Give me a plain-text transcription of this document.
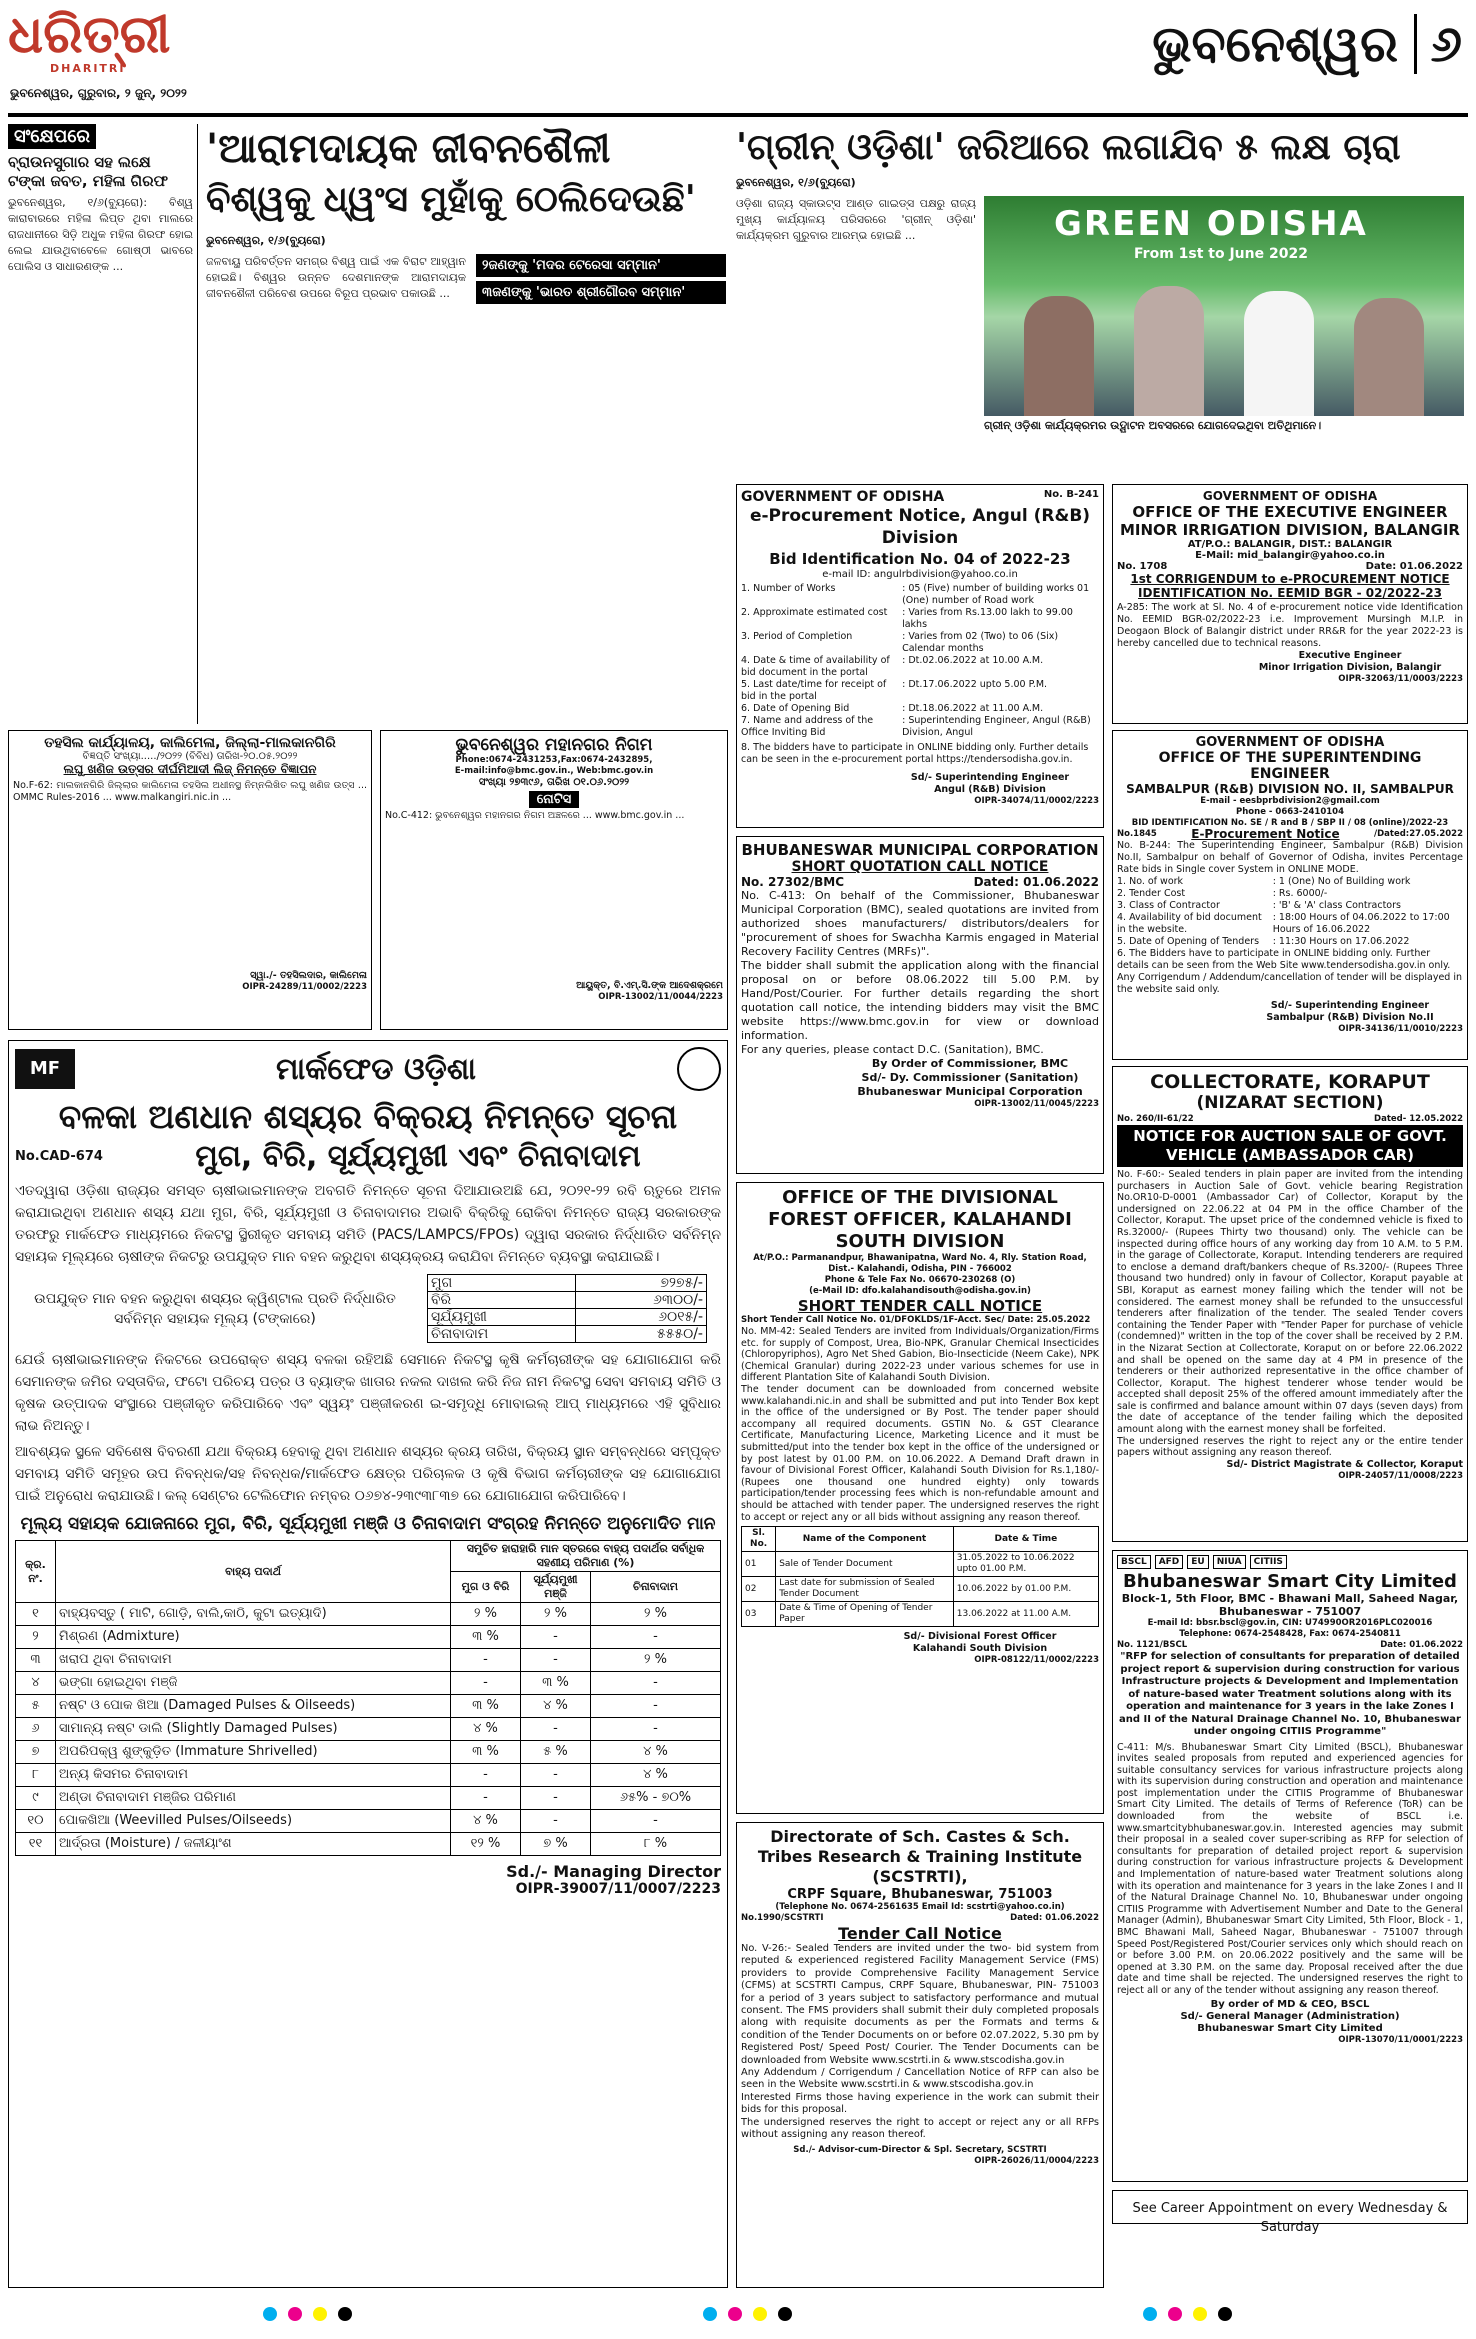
ଧରିତ୍ରୀ
DHARITRI
ଭୁବନେଶ୍ୱର, ଗୁରୁବାର, ୨ ଜୁନ୍, ୨୦୨୨
ଭୁବନେଶ୍ୱର ୬
ସଂକ୍ଷେପରେ
ବ୍ରାଉନସୁଗାର ସହ ଲକ୍ଷେ ଟଙ୍କା ଜବତ, ମହିଳା ଗିରଫ
ଭୁବନେଶ୍ୱର, ୧/୬(ବ୍ୟୁରୋ): ବିଶ୍ୱ କାରାବାରରେ ମହିଳା ଲିପ୍ତ ଥିବା ମାଲରେ ରାଜଧାନୀରେ ସିଡ଼ି ଅଧୁକ ମହିଳା ଗିରଫ ହୋଇ ଲେଇ ଯାଉଥିବାବେଳେ ଗୋଷ୍ଠୀ ଭାବରେ ପୋଲିସ ଓ ସାଧାରଣଙ୍କ ...
'ଆରାମଦାୟକ ଜୀବନଶୈଳୀ
ବିଶ୍ୱକୁ ଧ୍ୱଂସ ମୁହାଁକୁ ଠେଲିଦେଉଛି'
ଭୁବନେଶ୍ୱର, ୧/୬(ବ୍ୟୁରୋ)
ଜଳବାୟୁ ପରିବର୍ତ୍ତନ ସମଗ୍ର ବିଶ୍ୱ ପାଇଁ ଏକ ବିରାଟ ଆହ୍ୱାନ ହୋଇଛି। ବିଶ୍ୱର ଉନ୍ନତ ଦେଶମାନଙ୍କ ଆରାମଦାୟକ ଜୀବନଶୈଳୀ ପରିବେଶ ଉପରେ ବିରୂପ ପ୍ରଭାବ ପକାଉଛି ...
୨ଜଣଙ୍କୁ 'ମଦର ଟେରେସା ସମ୍ମାନ'
୩ଜଣଙ୍କୁ 'ଭାରତ ଶ୍ରୀଗୌରବ ସମ୍ମାନ'
'ଗ୍ରୀନ୍ ଓଡ଼ିଶା' ଜରିଆରେ ଲଗାଯିବ ୫ ଲକ୍ଷ ଚାରା
ଭୁବନେଶ୍ୱର, ୧/୬(ବ୍ୟୁରୋ)
ଓଡ଼ିଶା ରାଜ୍ୟ ସ୍କାଉଟ୍ସ ଆଣ୍ଡ ଗାଇଡ୍ସ ପକ୍ଷରୁ ରାଜ୍ୟ ମୁଖ୍ୟ କାର୍ଯ୍ୟାଳୟ ପରିସରରେ 'ଗ୍ରୀନ୍ ଓଡ଼ିଶା' କାର୍ଯ୍ୟକ୍ରମ ଗୁରୁବାର ଆରମ୍ଭ ହୋଇଛି ...	GREEN ODISHA
From 1st to June 2022
ଗ୍ରୀନ୍ ଓଡ଼ିଶା କାର୍ଯ୍ୟକ୍ରମର ଉଦ୍ଘାଟନ ଅବସରରେ ଯୋଗଦେଇଥିବା ଅତିଥିମାନେ।
GOVERNMENT OF ODISHA	No. B-241
e-Procurement Notice, Angul (R&B) Division
Bid Identification No. 04 of 2022-23
e-mail ID: angulrbdivision@yahoo.co.in
1. Number of Works	: 05 (Five) number of building works 01 (One) number of Road work
2. Approximate estimated cost	: Varies from Rs.13.00 lakh to 99.00 lakhs
3. Period of Completion	: Varies from 02 (Two) to 06 (Six) Calendar months
4. Date & time of availability of bid document in the portal
: Dt.02.06.2022 at 10.00 A.M.
5. Last date/time for receipt of bid in the portal
: Dt.17.06.2022 upto 5.00 P.M.
6. Date of Opening Bid	: Dt.18.06.2022 at 11.00 A.M.
7. Name and address of the Office Inviting Bid
: Superintending Engineer, Angul (R&B) Division, Angul
8. The bidders have to participate in ONLINE bidding only. Further details can be seen in the e-procurement portal https://tendersodisha.gov.in.
Sd/- Superintending Engineer
Angul (R&B) Division
OIPR-34074/11/0002/2223
GOVERNMENT OF ODISHA
OFFICE OF THE EXECUTIVE ENGINEER
MINOR IRRIGATION DIVISION, BALANGIR
AT/P.O.: BALANGIR, DIST.: BALANGIR
E-Mail: mid_balangir@yahoo.co.in
No. 1708	Date: 01.06.2022
1st CORRIGENDUM to e-PROCUREMENT NOTICE
IDENTIFICATION No. EEMID BGR - 02/2022-23
A-285: The work at Sl. No. 4 of e-procurement notice vide Identification No. EEMID BGR-02/2022-23 i.e. Improvement Mursingh M.I.P. in Deogaon Block of Balangir district under RR&R for the year 2022-23 is hereby cancelled due to technical reasons.
Executive Engineer
Minor Irrigation Division, Balangir
OIPR-32063/11/0003/2223
ତହସିଲ କାର୍ଯ୍ୟାଳୟ, କାଲିମେଳା, ଜିଲ୍ଲା-ମାଲକାନଗିରି
ବିଜ୍ଞପ୍ତି ସଂଖ୍ୟା...../୨୦୨୨ (ବିବିଧ) ତାରିଖ-୨୦.୦୫.୨୦୨୨
ଲଘୁ ଖଣିଜ ଉତ୍ସର ଦୀର୍ଘମିଆଦୀ ଲିଜ୍ ନିମନ୍ତେ ବିଜ୍ଞାପନ
No.F-62: ମାଲକାନଗିରି ଜିଲ୍ଲାର କାଲିମେଳା ତହସିଲ ଅଧୀନସ୍ଥ ନିମ୍ନଲିଖିତ ଲଘୁ ଖଣିଜ ଉତ୍ସ ... OMMC Rules-2016 ... www.malkangiri.nic.in ...
ସ୍ୱା./- ତହସିଲଦାର, କାଲିମେଳା
OIPR-24289/11/0002/2223
ଭୁବନେଶ୍ୱର ମହାନଗର ନିଗମ
Phone:0674-2431253,Fax:0674-2432895,
E-mail:info@bmc.gov.in., Web:bmc.gov.in
ସଂଖ୍ୟା ୨୭୩୯୬, ତାରିଖ ୦୧.୦୬.୨୦୨୨
ନୋଟିସ
No.C-412: ଭୁବନେଶ୍ୱର ମହାନଗର ନିଗମ ଅଞ୍ଚଳରେ ... www.bmc.gov.in ...
ଆୟୁକ୍ତ, ବି.ଏମ୍.ସି.ଙ୍କ ଆଦେଶକ୍ରମେ
OIPR-13002/11/0044/2223
GOVERNMENT OF ODISHA
OFFICE OF THE SUPERINTENDING ENGINEER
SAMBALPUR (R&B) DIVISION NO. II, SAMBALPUR
E-mail - eesbprbdivision2@gmail.com
Phone - 0663-2410104
BID IDENTIFICATION No. SE / R and B / SBP II / 08 (online)/2022-23
No.1845	E-Procurement Notice	/Dated:27.05.2022
No. B-244: The Superintending Engineer, Sambalpur (R&B) Division No.II, Sambalpur on behalf of Governor of Odisha, invites Percentage Rate bids in Single cover System in ONLINE MODE.
1. No. of work	: 1 (One) No of Building work
2. Tender Cost	: Rs. 6000/-
3. Class of Contractor	: 'B' & 'A' class Contractors
4. Availability of bid document in the website.
: 18:00 Hours of 04.06.2022 to 17:00 Hours of 16.06.2022
5. Date of Opening of Tenders	: 11:30 Hours on 17.06.2022
6. The Bidders have to participate in ONLINE bidding only. Further details can be seen from the Web Site www.tendersodisha.gov.in only. Any Corrigendum / Addendum/cancellation of tender will be displayed in the website said only.
Sd/- Superintending Engineer
Sambalpur (R&B) Division No.II
OIPR-34136/11/0010/2223
BHUBANESWAR MUNICIPAL CORPORATION
SHORT QUOTATION CALL NOTICE
No. 27302/BMC	Dated: 01.06.2022
No. C-413: On behalf of the Commissioner, Bhubaneswar Municipal Corporation (BMC), sealed quotations are invited from authorized shoes manufacturers/ distributors/dealers for "procurement of shoes for Swachha Karmis engaged in Material Recovery Facility Centres (MRFs)".
The bidder shall submit the application along with the financial proposal on or before 08.06.2022 till 5.00 P.M. by Hand/Post/Courier. For further details regarding the short quotation call notice, the intending bidders may visit the BMC website https://www.bmc.gov.in for view or download information.
For any queries, please contact D.C. (Sanitation), BMC.
By Order of Commissioner, BMC
Sd/- Dy. Commissioner (Sanitation)
Bhubaneswar Municipal Corporation
OIPR-13002/11/0045/2223
COLLECTORATE, KORAPUT
(NIZARAT SECTION)
No. 260/II-61/22	Dated- 12.05.2022
NOTICE FOR AUCTION SALE OF GOVT. VEHICLE (AMBASSADOR CAR)
No. F-60:- Sealed tenders in plain paper are invited from the intending purchasers in Auction Sale of Govt. vehicle bearing Registration No.OR10-D-0001 (Ambassador Car) of Collector, Koraput by the undersigned on 22.06.22 at 04 PM in the office Chamber of the Collector, Koraput. The upset price of the condemned vehicle is fixed to Rs.32000/- (Rupees Thirty two thousand) only. The vehicle can be inspected during office hours of any working day from 10 A.M. to 5 P.M. in the garage of Collectorate, Koraput. Intending tenderers are required to enclose a demand draft/bankers cheque of Rs.3200/- (Rupees Three thousand two hundred) only in favour of Collector, Koraput payable at SBI, Koraput as earnest money failing which the tender will not be considered. The earnest money shall be refunded to the unsuccessful tenderers after finalization of the tender. The sealed Tender covers containing the Tender Paper with "Tender Paper for purchase of vehicle (condemned)" written in the top of the cover shall be received by 2 P.M. in the Nizarat Section at Collectorate, Koraput on or before 22.06.2022 and shall be opened on the same day at 4 PM in presence of the tenderers or their authorized representative in the office chamber of Collector, Koraput. The highest tenderer whose tender would be accepted shall deposit 25% of the offered amount immediately after the sale is confirmed and balance amount within 07 days (seven days) from the date of acceptance of the tender failing which the deposited amount along with the earnest money shall be forfeited.
The undersigned reserves the right to reject any or the entire tender papers without assigning any reason thereof.
Sd/- District Magistrate & Collector, Koraput
OIPR-24057/11/0008/2223
MF	ମାର୍କଫେଡ ଓଡ଼ିଶା
ବଳକା ଅଣଧାନ ଶସ୍ୟର ବିକ୍ରୟ ନିମନ୍ତେ ସୂଚନା
No.CAD-674	ମୁଗ, ବିରି, ସୂର୍ଯ୍ୟମୁଖୀ ଏବଂ ଚିନାବାଦାମ
ଏତଦ୍ୱାରା ଓଡ଼ିଶା ରାଜ୍ୟର ସମସ୍ତ ଚାଷୀଭାଇମାନଙ୍କ ଅବଗତି ନିମନ୍ତେ ସୂଚନା ଦିଆଯାଉଅଛି ଯେ, ୨୦୨୧-୨୨ ରବି ଋତୁରେ ଅମଳ କରାଯାଇଥିବା ଅଣଧାନ ଶସ୍ୟ ଯଥା ମୁଗ, ବିରି, ସୂର୍ଯ୍ୟମୁଖୀ ଓ ଚିନାବାଦାମର ଅଭାବି ବିକ୍ରିକୁ ରୋକିବା ନିମନ୍ତେ ରାଜ୍ୟ ସରକାରଙ୍କ ତରଫରୁ ମାର୍କଫେଡ ମାଧ୍ୟମରେ ନିକଟସ୍ଥ ସ୍ଥିରୀକୃତ ସମବାୟ ସମିତି (PACS/LAMPCS/FPOs) ଦ୍ୱାରା ସରକାର ନିର୍ଦ୍ଧାରିତ ସର୍ବନିମ୍ନ ସହାୟକ ମୂଲ୍ୟରେ ଚାଷୀଙ୍କ ନିକଟରୁ ଉପଯୁକ୍ତ ମାନ ବହନ କରୁଥିବା ଶସ୍ୟକ୍ରୟ କରାଯିବା ନିମନ୍ତେ ବ୍ୟବସ୍ଥା କରାଯାଇଛି।
ଉପଯୁକ୍ତ ମାନ ବହନ କରୁଥିବା ଶସ୍ୟର କ୍ୱିଣ୍ଟାଲ ପ୍ରତି ନିର୍ଦ୍ଧାରିତ ସର୍ବନିମ୍ନ ସହାୟକ ମୂଲ୍ୟ (ଟଙ୍କାରେ)
ମୁଗ	୭୨୭୫/-
ବିରି	୬୩୦୦/-
ସୂର୍ଯ୍ୟମୁଖୀ	୬୦୧୫/-
ଚିନାବାଦାମ	୫୫୫୦/-
ଯେଉଁ ଚାଷୀଭାଇମାନଙ୍କ ନିକଟରେ ଉପରୋକ୍ତ ଶସ୍ୟ ବଳକା ରହିଅଛି ସେମାନେ ନିକଟସ୍ଥ କୃଷି କର୍ମଚାରୀଙ୍କ ସହ ଯୋଗାଯୋଗ କରି ସେମାନଙ୍କ ଜମିର ଦସ୍ତାବିଜ, ଫଟୋ ପରିଚୟ ପତ୍ର ଓ ବ୍ୟାଙ୍କ ଖାତାର ନକଲ ଦାଖଲ କରି ନିଜ ନାମ ନିକଟସ୍ଥ ସେବା ସମବାୟ ସମିତି ଓ କୃଷକ ଉତ୍ପାଦକ ସଂସ୍ଥାରେ ପଞ୍ଜୀକୃତ କରିପାରିବେ ଏବଂ ସ୍ୱୟଂ ପଞ୍ଜୀକରଣ ଇ-ସମୃଦ୍ଧି ମୋବାଇଲ୍ ଆପ୍ ମାଧ୍ୟମରେ ଏହି ସୁବିଧାର ଲାଭ ନିଅନ୍ତୁ।
ଆବଶ୍ୟକ ସ୍ଥଳେ ସବିଶେଷ ବିବରଣୀ ଯଥା ବିକ୍ରୟ ହେବାକୁ ଥିବା ଅଣଧାନ ଶସ୍ୟର କ୍ରୟ ତାରିଖ, ବିକ୍ରୟ ସ୍ଥାନ ସମ୍ବନ୍ଧରେ ସମ୍ପୃକ୍ତ ସମବାୟ ସମିତି ସମୂହର ଉପ ନିବନ୍ଧକ/ସହ ନିବନ୍ଧକ/ମାର୍କଫେଡ କ୍ଷେତ୍ର ପରିଚାଳକ ଓ କୃଷି ବିଭାଗ କର୍ମଚାରୀଙ୍କ ସହ ଯୋଗାଯୋଗ ପାଇଁ ଅନୁରୋଧ କରାଯାଉଛି। କଲ୍ ସେଣ୍ଟର ଟେଲିଫୋନ ନମ୍ବର ୦୬୭୪-୨୩୯୩୮୩୭ ରେ ଯୋଗାଯୋଗ କରିପାରିବେ।
ମୂଲ୍ୟ ସହାୟକ ଯୋଜନାରେ ମୁଗ, ବିରି, ସୂର୍ଯ୍ୟମୁଖୀ ମଞ୍ଜି ଓ ଚିନାବାଦାମ ସଂଗ୍ରହ ନିମନ୍ତେ ଅନୁମୋଦିତ ମାନ
କ୍ର. ନଂ.	ବାହ୍ୟ ପଦାର୍ଥ	ସମୁଚିତ ହାରାହାରି ମାନ ସ୍ତରରେ ବାହ୍ୟ ପଦାର୍ଥର ସର୍ବାଧିକ ସହଣୀୟ ପରିମାଣ (%)		
		ମୁଗ ଓ ବିରି	ସୂର୍ଯ୍ୟମୁଖୀ ମଞ୍ଜି	ଚିନାବାଦାମ
୧	ବାହ୍ୟବସ୍ତୁ ( ମାଟି, ଗୋଡ଼ି, ବାଲି,କାଠି, କୁଟା ଇତ୍ୟାଦି)	୨ %	୨ %	୨ %
୨	ମିଶ୍ରଣ (Admixture)	୩ %	-	-
୩	ଖରାପ ଥିବା ଚିନାବାଦାମ	-	-	୨ %
୪	ଭଙ୍ଗା ହୋଇଥିବା ମଞ୍ଜି	-	୩ %	-
୫	ନଷ୍ଟ ଓ ପୋକ ଖିଆ (Damaged Pulses & Oilseeds)	୩ %	୪ %	-
୬	ସାମାନ୍ୟ ନଷ୍ଟ ଡାଲି (Slightly Damaged Pulses)	୪ %	-	-
୭	ଅପରିପକ୍ୱ ଶୁଙ୍କୁଡ଼ିତ (Immature Shrivelled)	୩ %	୫ %	୪ %
୮	ଅନ୍ୟ କିସମର ଚିନାବାଦାମ	-	-	୪ %
୯	ଅଣ୍ଡା ଚିନାବାଦାମ ମଞ୍ଜିର ପରିମାଣ	-	-	୬୫% - ୭୦%
୧୦	ପୋକଖିଆ (Weevilled Pulses/Oilseeds)	୪ %	-	-
୧୧	ଆର୍ଦ୍ରତା (Moisture) / ଜଳୀୟାଂଶ	୧୨ %	୭ %	୮ %
Sd./- Managing Director
OIPR-39007/11/0007/2223
OFFICE OF THE DIVISIONAL FOREST OFFICER, KALAHANDI SOUTH DIVISION
At/P.O.: Parmanandpur, Bhawanipatna, Ward No. 4, Rly. Station Road, Dist.- Kalahandi, Odisha, PIN - 766002
Phone & Tele Fax No. 06670-230268 (O)
(e-Mail ID: dfo.kalahandisouth@odisha.gov.in)
SHORT TENDER CALL NOTICE
Short Tender Call Notice No. 01/DFOKLDS/1F-Acct. Sec/ Date: 25.05.2022
No. MM-42: Sealed Tenders are invited from Individuals/Organization/Firms etc. for supply of Compost, Urea, Bio-NPK, Granular Chemical Insecticides (Chloropyriphos), Agro Net Shed Gabion, Bio-Insecticide (Neem Cake), NPK (Chemical Granular) during 2022-23 under various schemes for use in different Plantation Site of Kalahandi South Division.
The tender document can be downloaded from concerned website www.kalahandi.nic.in and shall be submitted and put into Tender Box kept in the office of the undersigned or By Post. The tender paper should accompany all required documents. GSTIN No. & GST Clearance Certificate, Manufacturing Licence, Marketing Licence and it must be submitted/put into the tender box kept in the office of the undersigned or by post latest by 01.00 P.M. on 10.06.2022. A Demand Draft drawn in favour of Divisional Forest Officer, Kalahandi South Division for Rs.1,180/- (Rupees one thousand one hundred eighty) only towards participation/tender processing fees which is non-refundable amount and should be attached with tender paper. The undersigned reserves the right to accept or reject any or all bids without assigning any reason thereof.
Sl. No.	Name of the Component	Date & Time
01	Sale of Tender Document	31.05.2022 to 10.06.2022 upto 01.00 P.M.
02	Last date for submission of Sealed Tender Document	10.06.2022 by 01.00 P.M.
03	Date & Time of Opening of Tender Paper	13.06.2022 at 11.00 A.M.
Sd/- Divisional Forest Officer
Kalahandi South Division
OIPR-08122/11/0002/2223
BSCL	AFD	EU	NIUA	CITIIS
Bhubaneswar Smart City Limited
Block-1, 5th Floor, BMC - Bhawani Mall, Saheed Nagar, Bhubaneswar - 751007
E-mail Id: bbsr.bscl@gov.in, CIN: U74990OR2016PLC020016
Telephone: 0674-2548428, Fax: 0674-2540811
No. 1121/BSCL	Date: 01.06.2022
"RFP for selection of consultants for preparation of detailed project report & supervision during construction for various Infrastructure projects & Development and Implementation of nature-based water Treatment solutions along with its operation and maintenance for 3 years in the lake Zones I and II of the Natural Drainage Channel No. 10, Bhubaneswar under ongoing CITIIS Programme"
C-411: M/s. Bhubaneswar Smart City Limited (BSCL), Bhubaneswar invites sealed proposals from reputed and experienced agencies for suitable consultancy services for various infrastructure projects along with its supervision during construction and operation and maintenance post implementation under the CITIIS Programme of Bhubaneswar Smart City Limited. The details of Terms of Reference (ToR) can be downloaded from the website of BSCL i.e. www.smartcitybhubaneswar.gov.in. Interested agencies may submit their proposal in a sealed cover super-scribing as RFP for selection of consultants for preparation of detailed project report & supervision during construction for various infrastructure projects & Development and Implementation of nature-based water Treatment solutions along with its operation and maintenance for 3 years in the lake Zones I and II of the Natural Drainage Channel No. 10, Bhubaneswar under ongoing CITIIS Programme with Advertisement Number and Date to the General Manager (Admin), Bhubaneswar Smart City Limited, 5th Floor, Block - 1, BMC Bhawani Mall, Saheed Nagar, Bhubaneswar - 751007 through Speed Post/Registered Post/Courier services only which should reach on or before 3.00 P.M. on 20.06.2022 positively and the same will be opened at 3.30 P.M. on the same day. Proposal received after the due date and time shall be rejected. The undersigned reserves the right to reject all or any of the tender without assigning any reason thereof.
By order of MD & CEO, BSCL
Sd/- General Manager (Administration)
Bhubaneswar Smart City Limited
OIPR-13070/11/0001/2223
Directorate of Sch. Castes & Sch. Tribes Research & Training Institute (SCSTRTI),
CRPF Square, Bhubaneswar, 751003
(Telephone No. 0674-2561635 Email Id: scstrti@yahoo.co.in)
No.1990/SCSTRTI	Dated: 01.06.2022
Tender Call Notice
No. V-26:- Sealed Tenders are invited under the two- bid system from reputed & experienced registered Facility Management Service (FMS) providers to provide Comprehensive Facility Management Service (CFMS) at SCSTRTI Campus, CRPF Square, Bhubaneswar, PIN- 751003 for a period of 3 years subject to satisfactory performance and mutual consent. The FMS providers shall submit their duly completed proposals along with requisite documents as per the Formats and terms & condition of the Tender Documents on or before 02.07.2022, 5.30 pm by Registered Post/ Speed Post/ Courier. The Tender Documents can be downloaded from Website www.scstrti.in & www.stscodisha.gov.in
Any Addendum / Corrigendum / Cancellation Notice of RFP can also be seen in the Website www.scstrti.in & www.stscodisha.gov.in
Interested Firms those having experience in the work can submit their bids for this proposal.
The undersigned reserves the right to accept or reject any or all RFPs without assigning any reason thereof.
Sd./- Advisor-cum-Director & Spl. Secretary, SCSTRTI
OIPR-26026/11/0004/2223
See Career Appointment on every Wednesday & Saturday
